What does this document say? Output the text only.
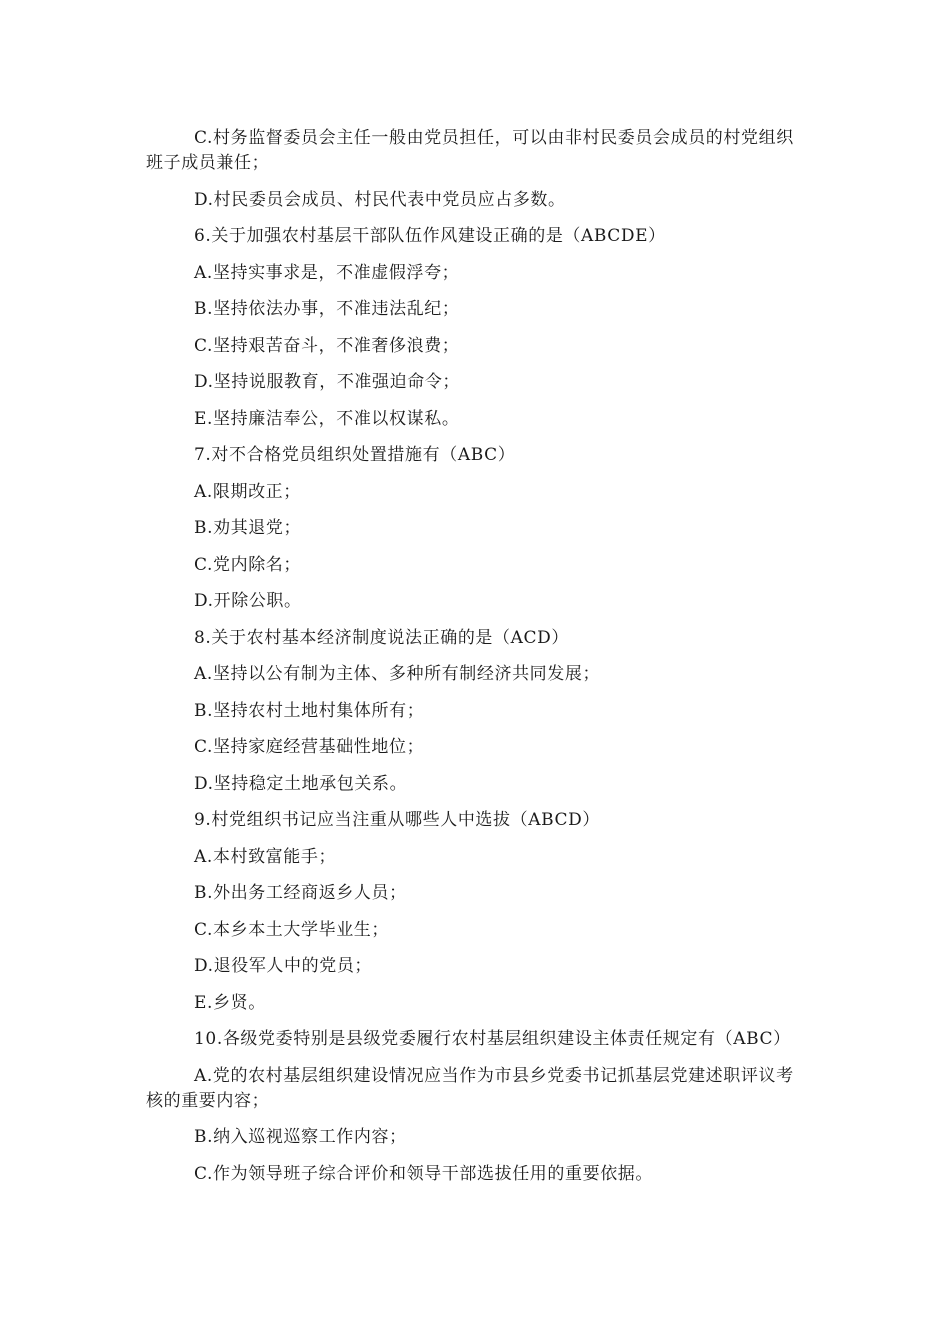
C.村务监督委员会主任一般由党员担任，可以由非村民委员会成员的村党组织班子成员兼任；

D.村民委员会成员、村民代表中党员应占多数。

6.关于加强农村基层干部队伍作风建设正确的是（ABCDE）

A.坚持实事求是，不准虚假浮夸；

B.坚持依法办事，不准违法乱纪；

C.坚持艰苦奋斗，不准奢侈浪费；

D.坚持说服教育，不准强迫命令；

E.坚持廉洁奉公，不准以权谋私。

7.对不合格党员组织处置措施有（ABC）

A.限期改正；

B.劝其退党；

C.党内除名；

D.开除公职。

8.关于农村基本经济制度说法正确的是（ACD）

A.坚持以公有制为主体、多种所有制经济共同发展；

B.坚持农村土地村集体所有；

C.坚持家庭经营基础性地位；

D.坚持稳定土地承包关系。

9.村党组织书记应当注重从哪些人中选拔（ABCD）

A.本村致富能手；

B.外出务工经商返乡人员；

C.本乡本土大学毕业生；

D.退役军人中的党员；

E.乡贤。

10.各级党委特别是县级党委履行农村基层组织建设主体责任规定有（ABC）

A.党的农村基层组织建设情况应当作为市县乡党委书记抓基层党建述职评议考核的重要内容；

B.纳入巡视巡察工作内容；

C.作为领导班子综合评价和领导干部选拔任用的重要依据。
